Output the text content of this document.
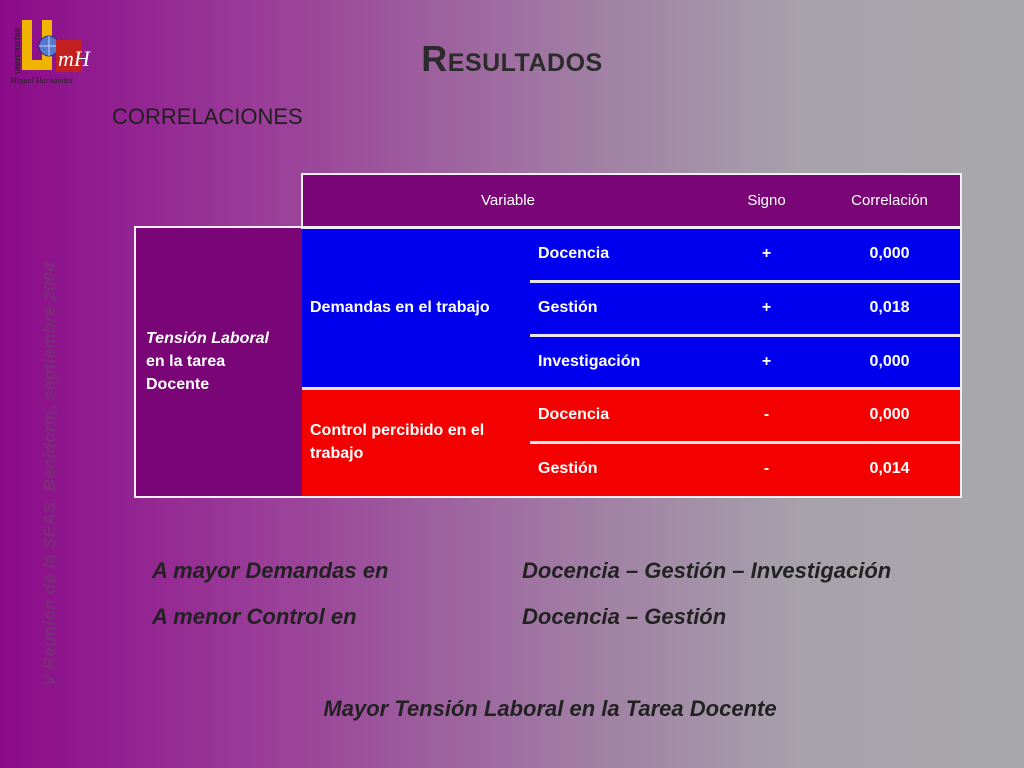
mH
UNIVERSITAS
Miguel Hernández
V Reunión de la SEAS. Benidorm, septiembre 2004
Resultados
CORRELACIONES
Variable	Signo	Correlación
Tensión Laboral en la tarea Docente
Demandas en el trabajo
Docencia	+	0,000
Gestión	+	0,018
Investigación	+	0,000
Control percibido en el trabajo
Docencia	-	0,000
Gestión	-	0,014
A mayor Demandas en	Docencia – Gestión – Investigación
A menor Control en	Docencia – Gestión
Mayor Tensión Laboral en la Tarea Docente
